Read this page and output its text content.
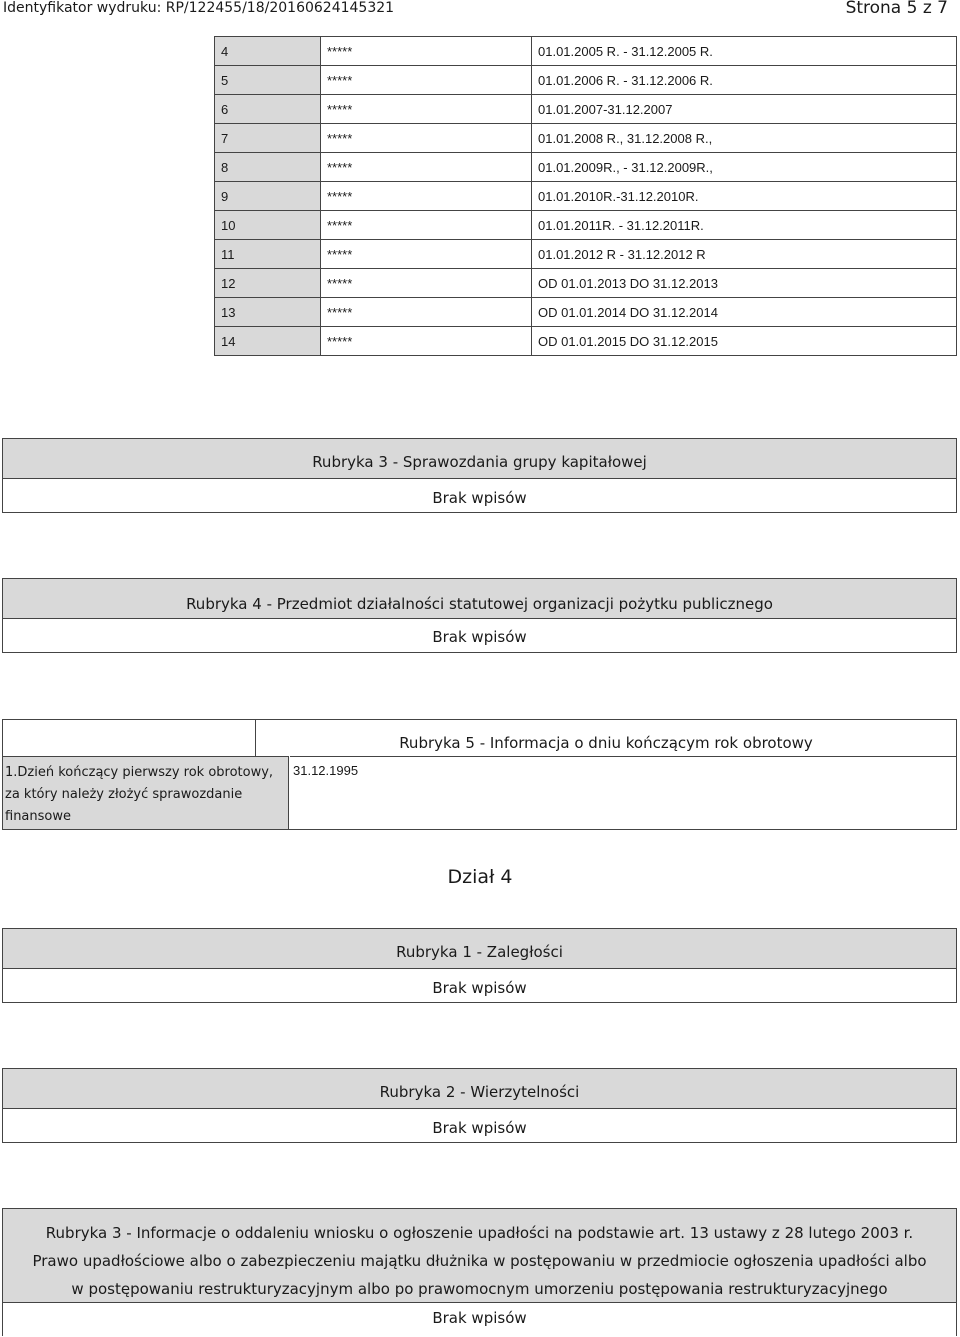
Identyfikator wydruku: RP/122455/18/20160624145321	Strona 5 z 7
4	*****	01.01.2005 R. - 31.12.2005 R.
5	*****	01.01.2006 R. - 31.12.2006 R.
6	*****	01.01.2007-31.12.2007
7	*****	01.01.2008 R., 31.12.2008 R.,
8	*****	01.01.2009R., - 31.12.2009R.,
9	*****	01.01.2010R.-31.12.2010R.
10	*****	01.01.2011R. - 31.12.2011R.
11	*****	01.01.2012 R - 31.12.2012 R
12	*****	OD 01.01.2013 DO 31.12.2013
13	*****	OD 01.01.2014 DO 31.12.2014
14	*****	OD 01.01.2015 DO 31.12.2015
Rubryka 3 - Sprawozdania grupy kapitałowej
Brak wpisów
Rubryka 4 - Przedmiot działalności statutowej organizacji pożytku publicznego
Brak wpisów
Rubryka 5 - Informacja o dniu kończącym rok obrotowy
1.Dzień kończący pierwszy rok obrotowy,
za który należy złożyć sprawozdanie
finansowe
31.12.1995
Dział 4
Rubryka 1 - Zaległości
Brak wpisów
Rubryka 2 - Wierzytelności
Brak wpisów
Rubryka 3 - Informacje o oddaleniu wniosku o ogłoszenie upadłości na podstawie art. 13 ustawy z 28 lutego 2003 r.
Prawo upadłościowe albo o zabezpieczeniu majątku dłużnika w postępowaniu w przedmiocie ogłoszenia upadłości albo
w postępowaniu restrukturyzacyjnym albo po prawomocnym umorzeniu postępowania restrukturyzacyjnego
Brak wpisów
